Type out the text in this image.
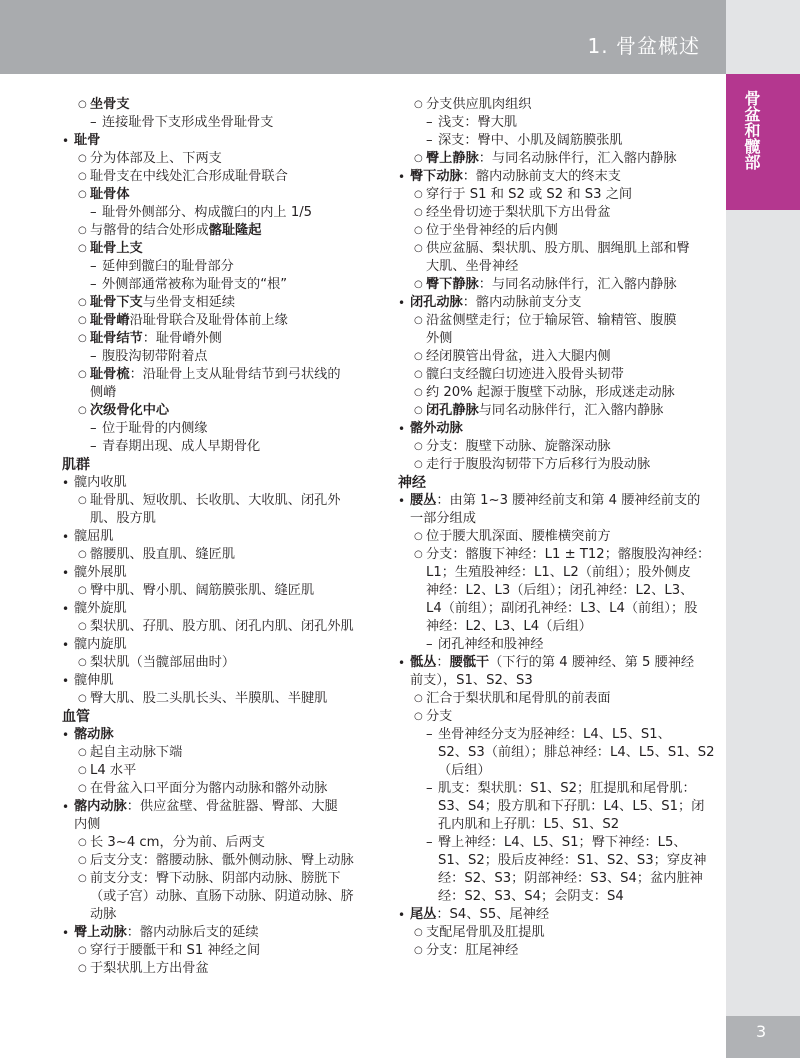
1. 骨盆概述
骨盆和髋部
3
○ 坐骨支
– 连接耻骨下支形成坐骨耻骨支
• 耻骨
○ 分为体部及上、下两支
○ 耻骨支在中线处汇合形成耻骨联合
○ 耻骨体
– 耻骨外侧部分、构成髋臼的内上 1/5
○ 与髂骨的结合处形成髂耻隆起
○ 耻骨上支
– 延伸到髋臼的耻骨部分
– 外侧部通常被称为耻骨支的“根”
○ 耻骨下支与坐骨支相延续
○ 耻骨嵴沿耻骨联合及耻骨体前上缘
○ 耻骨结节：耻骨嵴外侧
– 腹股沟韧带附着点
○ 耻骨梳：沿耻骨上支从耻骨结节到弓状线的
侧嵴
○ 次级骨化中心
– 位于耻骨的内侧缘
– 青春期出现、成人早期骨化
肌群
• 髋内收肌
○ 耻骨肌、短收肌、长收肌、大收肌、闭孔外
肌、股方肌
• 髋屈肌
○ 髂腰肌、股直肌、缝匠肌
• 髋外展肌
○ 臀中肌、臀小肌、阔筋膜张肌、缝匠肌
• 髋外旋肌
○ 梨状肌、孖肌、股方肌、闭孔内肌、闭孔外肌
• 髋内旋肌
○ 梨状肌（当髋部屈曲时）
• 髋伸肌
○ 臀大肌、股二头肌长头、半膜肌、半腱肌
血管
• 髂动脉
○ 起自主动脉下端
○ L4 水平
○ 在骨盆入口平面分为髂内动脉和髂外动脉
• 髂内动脉：供应盆壁、骨盆脏器、臀部、大腿
内侧
○ 长 3~4 cm，分为前、后两支
○ 后支分支：髂腰动脉、骶外侧动脉、臀上动脉
○ 前支分支：臀下动脉、阴部内动脉、膀胱下
（或子宫）动脉、直肠下动脉、阴道动脉、脐
动脉
• 臀上动脉：髂内动脉后支的延续
○ 穿行于腰骶干和 S1 神经之间
○ 于梨状肌上方出骨盆
○ 分支供应肌肉组织
– 浅支：臀大肌
– 深支：臀中、小肌及阔筋膜张肌
○ 臀上静脉：与同名动脉伴行，汇入髂内静脉
• 臀下动脉：髂内动脉前支大的终末支
○ 穿行于 S1 和 S2 或 S2 和 S3 之间
○ 经坐骨切迹于梨状肌下方出骨盆
○ 位于坐骨神经的后内侧
○ 供应盆膈、梨状肌、股方肌、胭绳肌上部和臀
大肌、坐骨神经
○ 臀下静脉：与同名动脉伴行，汇入髂内静脉
• 闭孔动脉：髂内动脉前支分支
○ 沿盆侧壁走行；位于输尿管、输精管、腹膜
外侧
○ 经闭膜管出骨盆，进入大腿内侧
○ 髋臼支经髋臼切迹进入股骨头韧带
○ 约 20% 起源于腹壁下动脉，形成迷走动脉
○ 闭孔静脉与同名动脉伴行，汇入髂内静脉
• 髂外动脉
○ 分支：腹壁下动脉、旋髂深动脉
○ 走行于腹股沟韧带下方后移行为股动脉
神经
• 腰丛：由第 1~3 腰神经前支和第 4 腰神经前支的
一部分组成
○ 位于腰大肌深面、腰椎横突前方
○ 分支：髂腹下神经：L1 ± T12；髂腹股沟神经：
L1；生殖股神经：L1、L2（前组）；股外侧皮
神经：L2、L3（后组）；闭孔神经：L2、L3、
L4（前组）；副闭孔神经：L3、L4（前组）；股
神经：L2、L3、L4（后组）
– 闭孔神经和股神经
• 骶丛：腰骶干（下行的第 4 腰神经、第 5 腰神经
前支），S1、S2、S3
○ 汇合于梨状肌和尾骨肌的前表面
○ 分支
– 坐骨神经分支为胫神经：L4、L5、S1、
S2、S3（前组）；腓总神经：L4、L5、S1、S2
（后组）
– 肌支：梨状肌：S1、S2；肛提肌和尾骨肌：
S3、S4；股方肌和下孖肌：L4、L5、S1；闭
孔内肌和上孖肌：L5、S1、S2
– 臀上神经：L4、L5、S1；臀下神经：L5、
S1、S2；股后皮神经：S1、S2、S3；穿皮神
经：S2、S3；阴部神经：S3、S4；盆内脏神
经：S2、S3、S4；会阴支：S4
• 尾丛：S4、S5、尾神经
○ 支配尾骨肌及肛提肌
○ 分支：肛尾神经
